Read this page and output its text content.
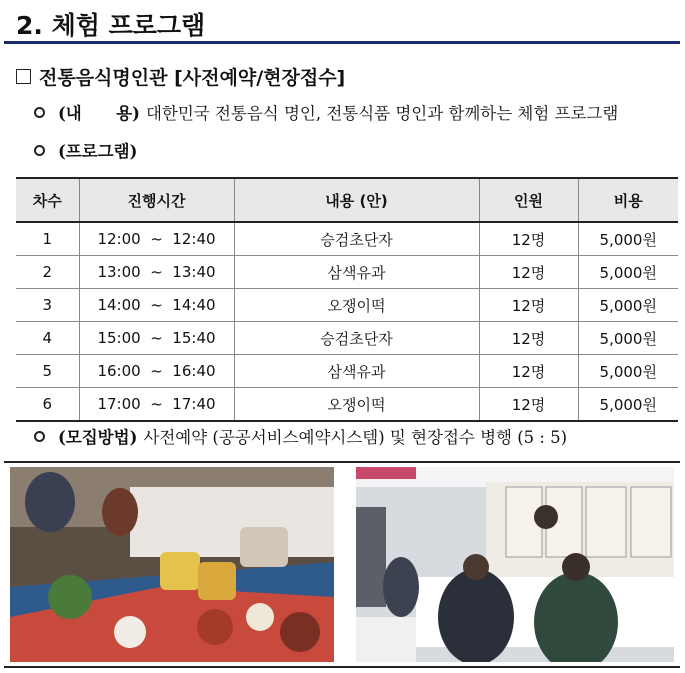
2. 체험 프로그램
전통음식명인관 [사전예약/현장접수]
(내      용) 대한민국 전통음식 명인, 전통식품 명인과 함께하는 체험 프로그램
(프로그램)
차수	진행시간	내용 (안)	인원	비용
1	12:00  ~  12:40	승검초단자	12명	5,000원
2	13:00  ~  13:40	삼색유과	12명	5,000원
3	14:00  ~  14:40	오쟁이떡	12명	5,000원
4	15:00  ~  15:40	승검초단자	12명	5,000원
5	16:00  ~  16:40	삼색유과	12명	5,000원
6	17:00  ~  17:40	오쟁이떡	12명	5,000원
(모집방법) 사전예약 (공공서비스예약시스템) 및 현장접수 병행 (5 : 5)
